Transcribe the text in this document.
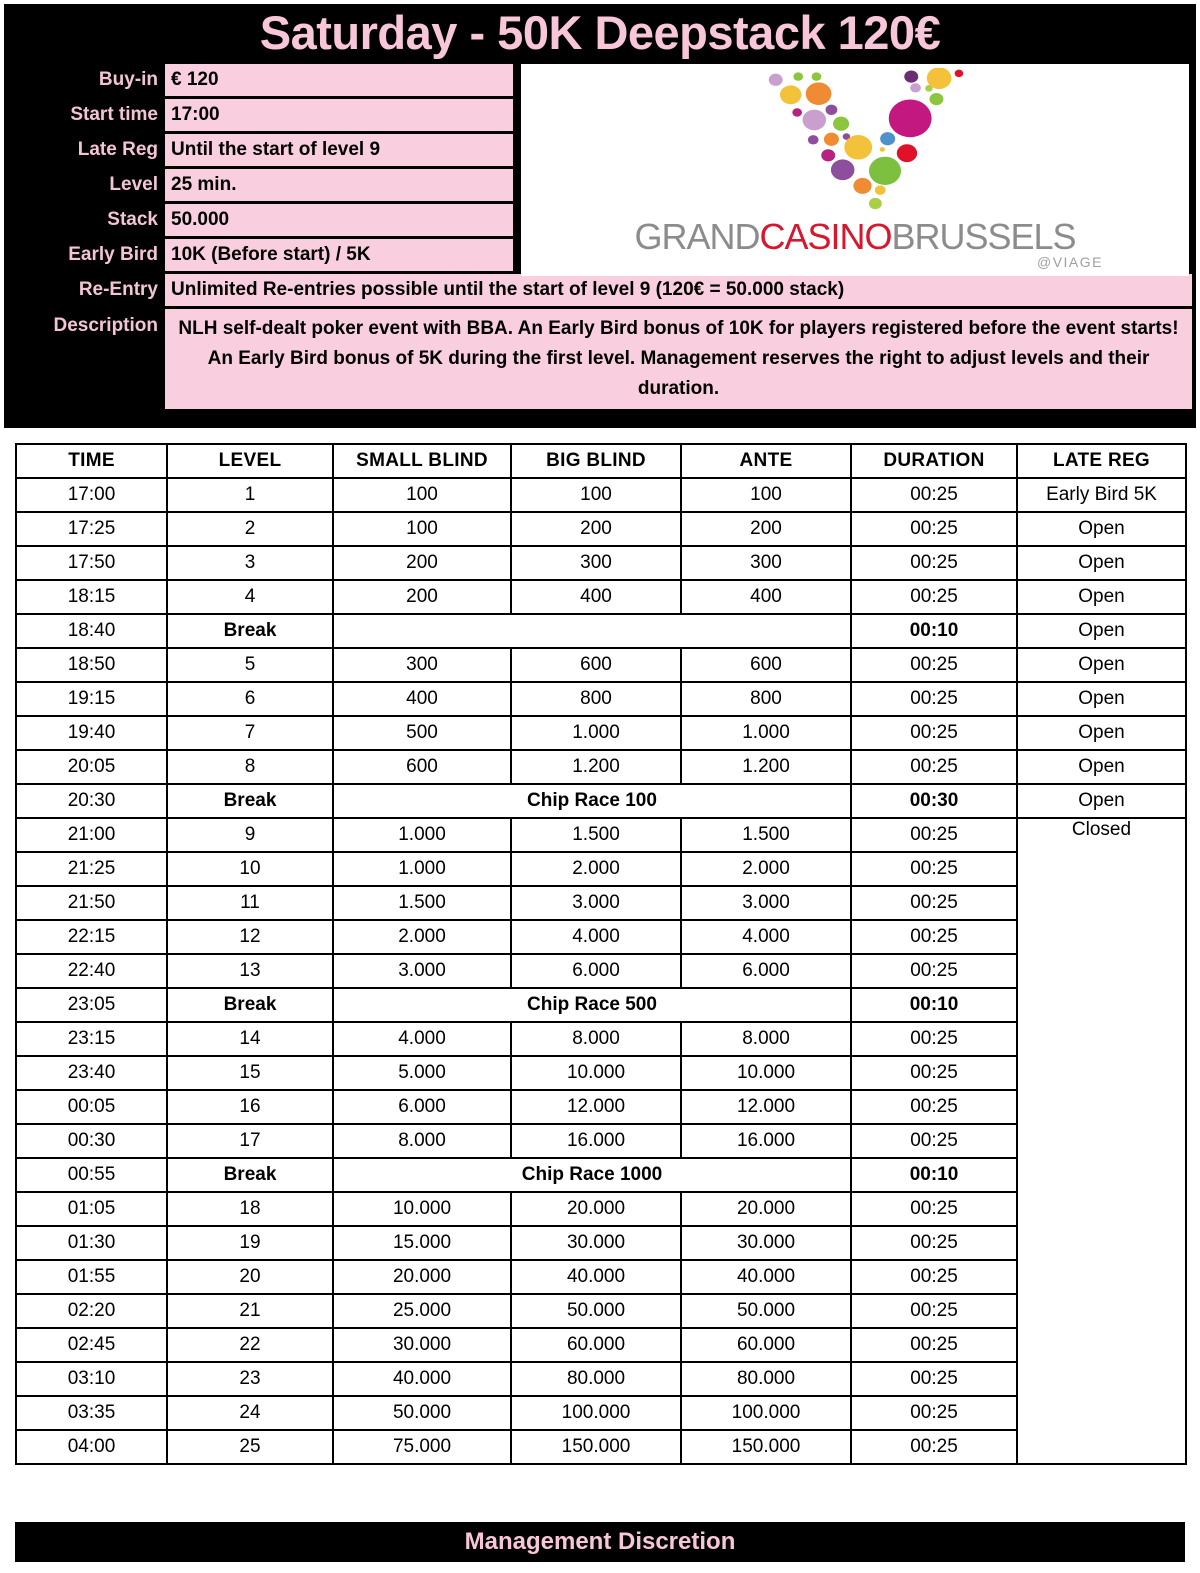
Saturday - 50K Deepstack 120€
Buy-in € 120
Start time 17:00
Late Reg Until the start of level 9
Level 25 min.
Stack 50.000
Early Bird 10K (Before start) / 5K
Re-Entry Unlimited Re-entries possible until the start of level 9 (120€ = 50.000 stack)
Description	NLH self-dealt poker event with BBA. An Early Bird bonus of 10K for players registered before the event starts! An Early Bird bonus of 5K during the first level. Management reserves the right to adjust levels and their duration.
GRANDCASINOBRUSSELS
@VIAGE
TIME	LEVEL	SMALL BLIND	BIG BLIND	ANTE	DURATION	LATE REG
17:00	1	100	100	100	00:25	Early Bird 5K
17:25	2	100	200	200	00:25	Open
17:50	3	200	300	300	00:25	Open
18:15	4	200	400	400	00:25	Open
18:40	Break				00:10	Open
18:50	5	300	600	600	00:25	Open
19:15	6	400	800	800	00:25	Open
19:40	7	500	1.000	1.000	00:25	Open
20:05	8	600	1.200	1.200	00:25	Open
20:30	Break	Chip Race 100			00:30	Open
21:00	9	1.000	1.500	1.500	00:25	Closed
21:25	10	1.000	2.000	2.000	00:25	
21:50	11	1.500	3.000	3.000	00:25	
22:15	12	2.000	4.000	4.000	00:25	
22:40	13	3.000	6.000	6.000	00:25	
23:05	Break	Chip Race 500			00:10	
23:15	14	4.000	8.000	8.000	00:25	
23:40	15	5.000	10.000	10.000	00:25	
00:05	16	6.000	12.000	12.000	00:25	
00:30	17	8.000	16.000	16.000	00:25	
00:55	Break	Chip Race 1000			00:10	
01:05	18	10.000	20.000	20.000	00:25	
01:30	19	15.000	30.000	30.000	00:25	
01:55	20	20.000	40.000	40.000	00:25	
02:20	21	25.000	50.000	50.000	00:25	
02:45	22	30.000	60.000	60.000	00:25	
03:10	23	40.000	80.000	80.000	00:25	
03:35	24	50.000	100.000	100.000	00:25	
04:00	25	75.000	150.000	150.000	00:25	
Management Discretion
